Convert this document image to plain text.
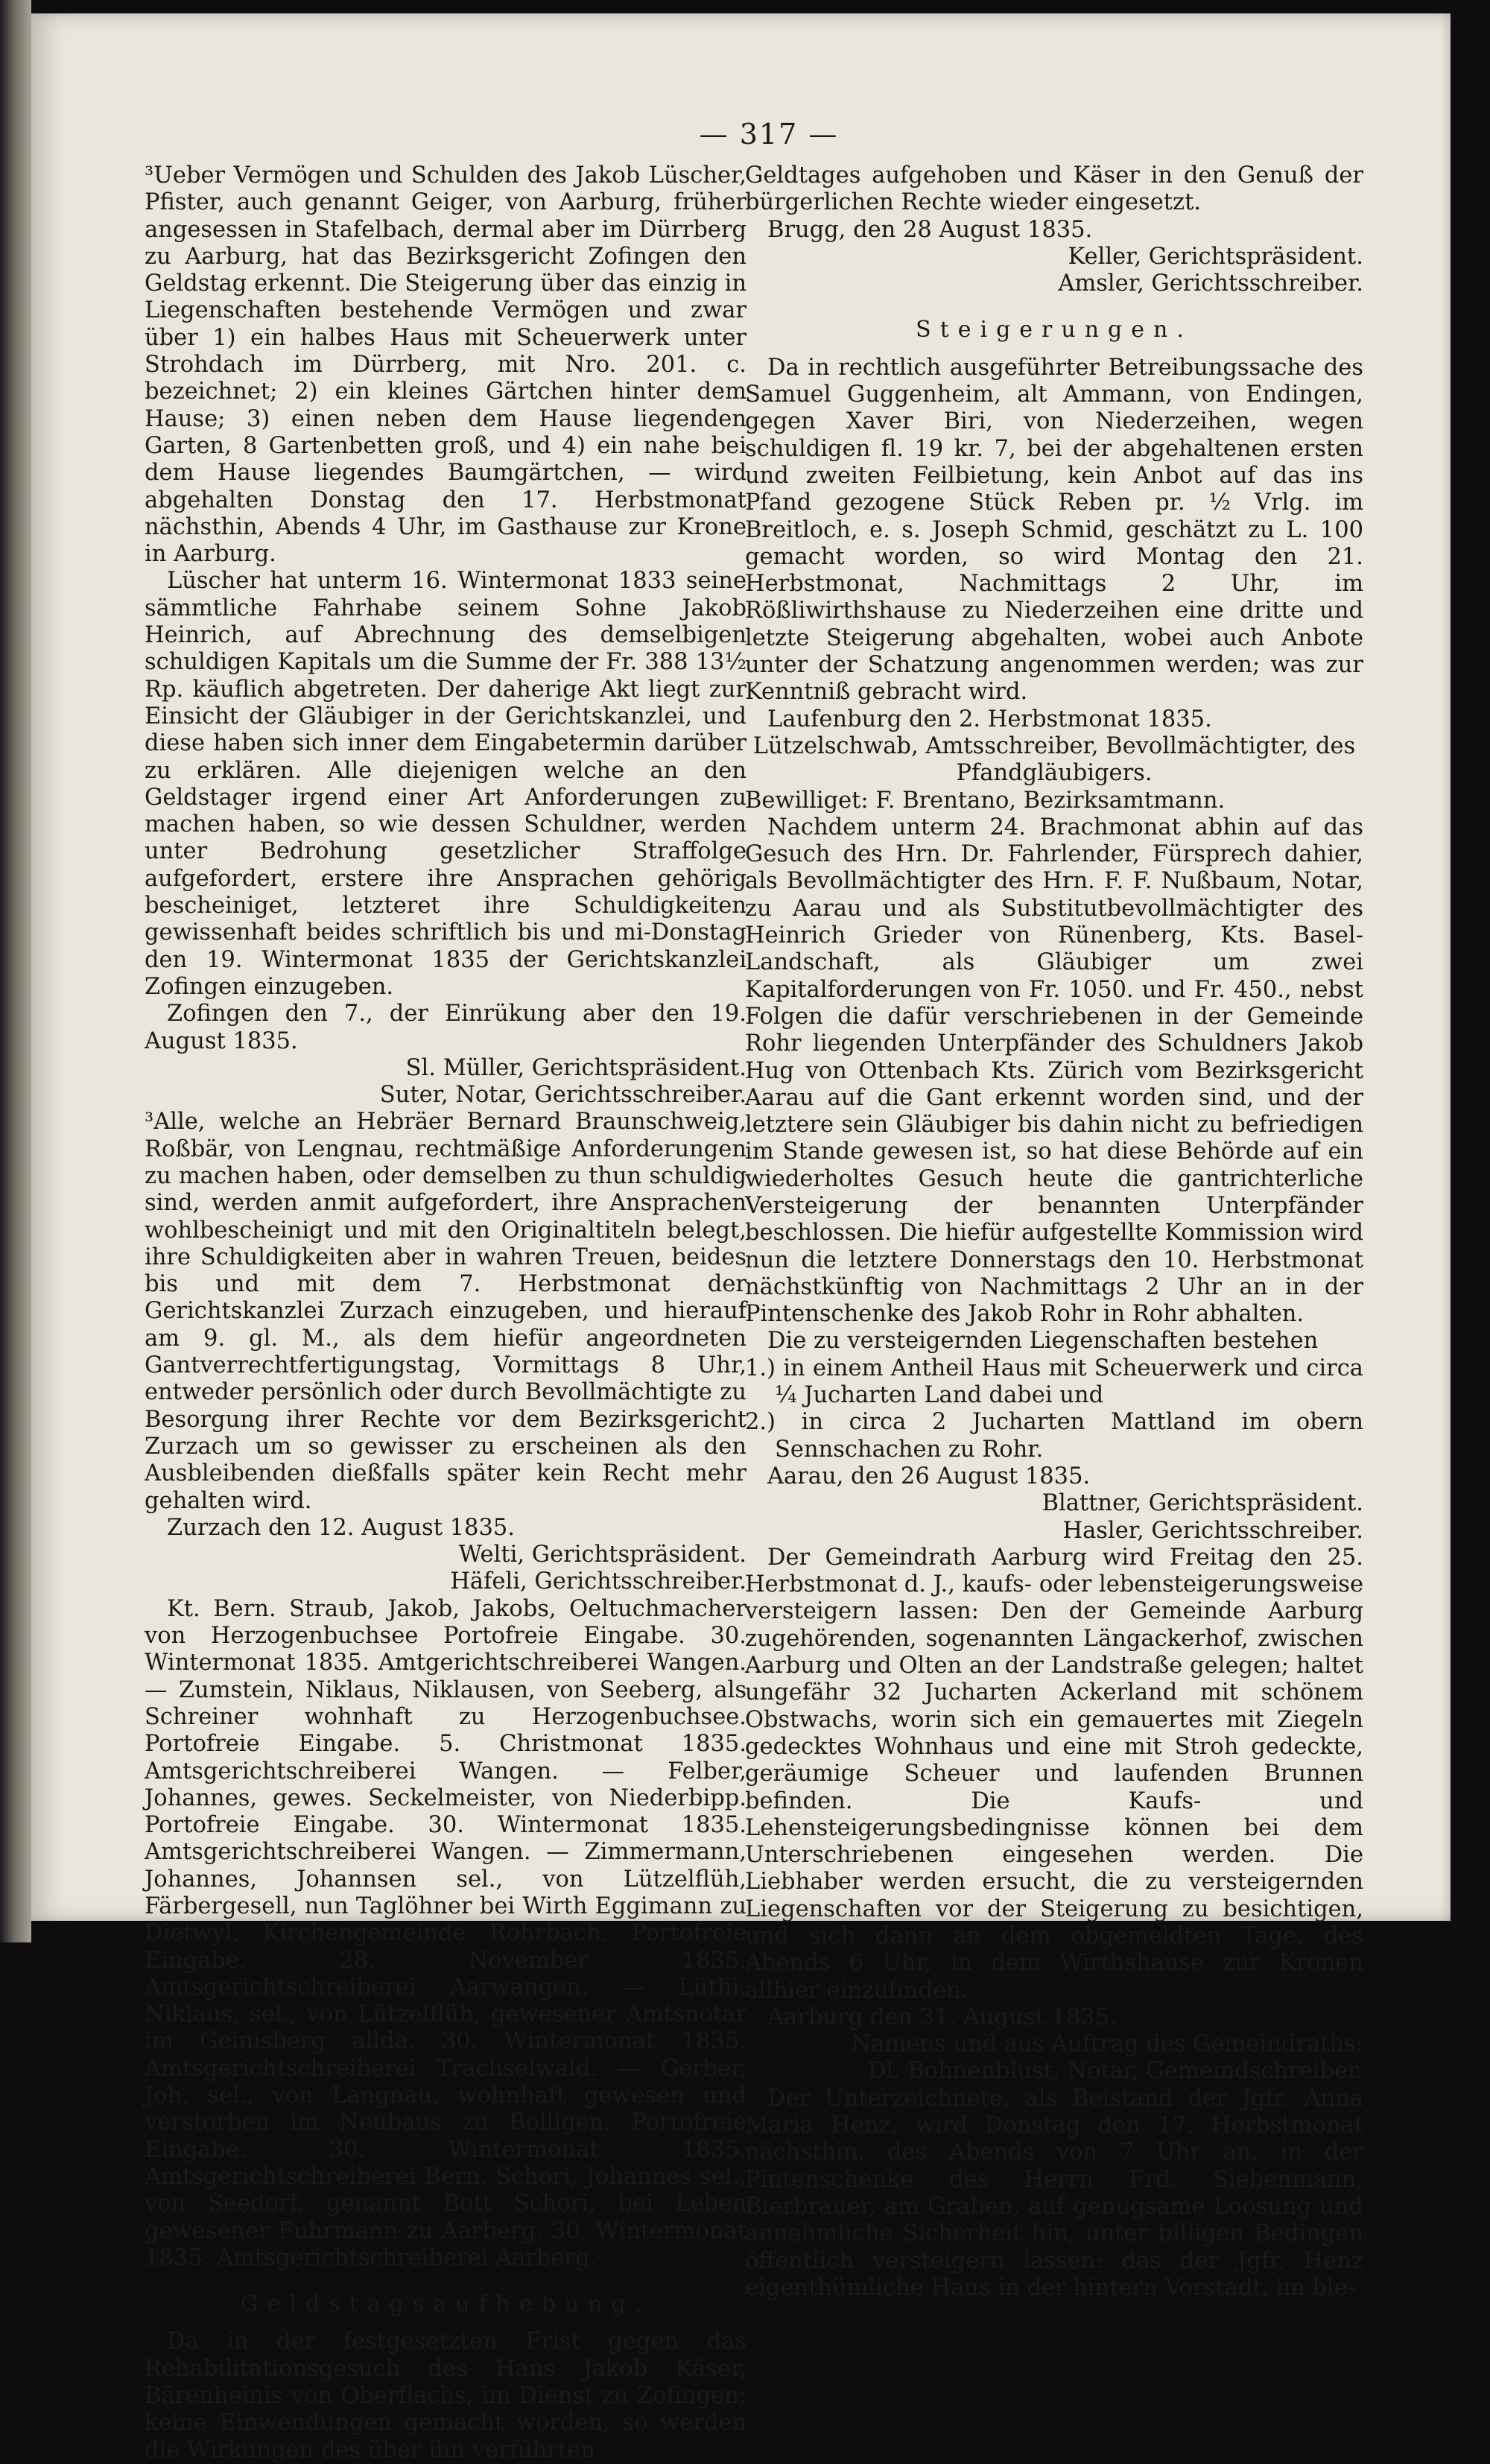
— 317 —

³Ueber Vermögen und Schulden des Jakob Lüscher, Pfister, auch genannt Geiger, von Aarburg, früher angesessen in Stafelbach, dermal aber im Dürrberg zu Aarburg, hat das Bezirksgericht Zofingen den Geldstag erkennt. Die Steigerung über das einzig in Liegenschaften bestehende Vermögen und zwar über 1) ein halbes Haus mit Scheuerwerk unter Strohdach im Dürrberg, mit Nro. 201. c. bezeichnet; 2) ein kleines Gärtchen hinter dem Hause; 3) einen neben dem Hause liegenden Garten, 8 Gartenbetten groß, und 4) ein nahe bei dem Hause liegendes Baumgärtchen, — wird abgehalten Donstag den 17. Herbstmonat nächsthin, Abends 4 Uhr, im Gasthause zur Krone in Aarburg.

Lüscher hat unterm 16. Wintermonat 1833 seine sämmtliche Fahrhabe seinem Sohne Jakob Heinrich, auf Abrechnung des demselbigen schuldigen Kapitals um die Summe der Fr. 388 13½ Rp. käuflich abgetreten. Der daherige Akt liegt zur Einsicht der Gläubiger in der Gerichtskanzlei, und diese haben sich inner dem Eingabetermin darüber zu erklären. Alle diejenigen welche an den Geldstager irgend einer Art Anforderungen zu machen haben, so wie dessen Schuldner, werden unter Bedrohung gesetzlicher Straffolge aufgefordert, erstere ihre Ansprachen gehörig bescheiniget, letzteret ihre Schuldigkeiten gewissenhaft beides schriftlich bis und mi-Donstag den 19. Wintermonat 1835 der Gerichtskanzlei Zofingen einzugeben.

Zofingen den 7., der Einrükung aber den 19. August 1835.

Sl. Müller, Gerichtspräsident.

Suter, Notar, Gerichtsschreiber.

³Alle, welche an Hebräer Bernard Braunschweig, Roßbär, von Lengnau, rechtmäßige Anforderungen zu machen haben, oder demselben zu thun schuldig sind, werden anmit aufgefordert, ihre Ansprachen wohlbescheinigt und mit den Originaltiteln belegt, ihre Schuldigkeiten aber in wahren Treuen, beides bis und mit dem 7. Herbstmonat der Gerichtskanzlei Zurzach einzugeben, und hierauf am 9. gl. M., als dem hiefür angeordneten Gantverrechtfertigungstag, Vormittags 8 Uhr, entweder persönlich oder durch Bevollmächtigte zu Besorgung ihrer Rechte vor dem Bezirksgericht Zurzach um so gewisser zu erscheinen als den Ausbleibenden dießfalls später kein Recht mehr gehalten wird.

Zurzach den 12. August 1835.

Welti, Gerichtspräsident.

Häfeli, Gerichtsschreiber.

Kt. Bern. Straub, Jakob, Jakobs, Oeltuchmacher von Herzogenbuchsee Portofreie Eingabe. 30. Wintermonat 1835. Amtgerichtschreiberei Wangen. — Zumstein, Niklaus, Niklausen, von Seeberg, als Schreiner wohnhaft zu Herzogenbuchsee. Portofreie Eingabe. 5. Christmonat 1835. Amtsgerichtschreiberei Wangen. — Felber, Johannes, gewes. Seckelmeister, von Niederbipp. Portofreie Eingabe. 30. Wintermonat 1835. Amtsgerichtschreiberei Wangen. — Zimmermann, Johannes, Johannsen sel., von Lützelflüh, Färbergesell, nun Taglöhner bei Wirth Eggimann zu Dietwyl, Kirchengemeinde Rohrbach. Portofreie Eingabe. 28. November 1835. Amtsgerichtschreiberei Aarwangen. — Lüthi, Niklaus, sel., von Lützelflüh, gewesener Amtsnotar im Geinisberg allda. 30. Wintermonat 1835. Amtsgerichtschreiberei Trachselwald. — Gerber, Joh. sel., von Langnau, wohnhaft gewesen und verstorben im Neubaus zu Bolligen. Portofreie Eingabe. 30. Wintermonat 1835. Amtsgerichtschreiberei Bern. Schori, Johannes sel., von Seedorf, genannt Bott Schori, bei Leben gewesener Fuhrmann zu Aarberg. 30. Wintermonat 1835. Amtsgerichtschreiberei Aarberg.

Geldstagsaufhebung.

Da in der festgesetzten Frist gegen das Rehabilitationsgesuch des Hans Jakob Käser, Bärenheinis von Oberflachs, im Dienst zu Zofingen; keine Einwendungen gemacht worden, so werden die Wirkungen des über ihn verführten

Geldtages aufgehoben und Käser in den Genuß der bürgerlichen Rechte wieder eingesetzt.

Brugg, den 28 August 1835.

Keller, Gerichtspräsident.

Amsler, Gerichtsschreiber.

Steigerungen.

Da in rechtlich ausgeführter Betreibungssache des Samuel Guggenheim, alt Ammann, von Endingen, gegen Xaver Biri, von Niederzeihen, wegen schuldigen fl. 19 kr. 7, bei der abgehaltenen ersten und zweiten Feilbietung, kein Anbot auf das ins Pfand gezogene Stück Reben pr. ½ Vrlg. im Breitloch, e. s. Joseph Schmid, geschätzt zu L. 100 gemacht worden, so wird Montag den 21. Herbstmonat, Nachmittags 2 Uhr, im Rößliwirthshause zu Niederzeihen eine dritte und letzte Steigerung abgehalten, wobei auch Anbote unter der Schatzung angenommen werden; was zur Kenntniß gebracht wird.

Laufenburg den 2. Herbstmonat 1835.

Lützelschwab, Amtsschreiber, Bevollmächtigter, des Pfandgläubigers.

Bewilliget: F. Brentano, Bezirksamtmann.

Nachdem unterm 24. Brachmonat abhin auf das Gesuch des Hrn. Dr. Fahrlender, Fürsprech dahier, als Bevollmächtigter des Hrn. F. F. Nußbaum, Notar, zu Aarau und als Substitutbevollmächtigter des Heinrich Grieder von Rünenberg, Kts. Basel-Landschaft, als Gläubiger um zwei Kapitalforderungen von Fr. 1050. und Fr. 450., nebst Folgen die dafür verschriebenen in der Gemeinde Rohr liegenden Unterpfänder des Schuldners Jakob Hug von Ottenbach Kts. Zürich vom Bezirksgericht Aarau auf die Gant erkennt worden sind, und der letztere sein Gläubiger bis dahin nicht zu befriedigen im Stande gewesen ist, so hat diese Behörde auf ein wiederholtes Gesuch heute die gantrichterliche Versteigerung der benannten Unterpfänder beschlossen. Die hiefür aufgestellte Kommission wird nun die letztere Donnerstags den 10. Herbstmonat nächstkünftig von Nachmittags 2 Uhr an in der Pintenschenke des Jakob Rohr in Rohr abhalten.

Die zu versteigernden Liegenschaften bestehen

1.) in einem Antheil Haus mit Scheuerwerk und circa ¼ Jucharten Land dabei und

2.) in circa 2 Jucharten Mattland im obern Sennschachen zu Rohr.

Aarau, den 26 August 1835.

Blattner, Gerichtspräsident.

Hasler, Gerichtsschreiber.

Der Gemeindrath Aarburg wird Freitag den 25. Herbstmonat d. J., kaufs- oder lebensteigerungsweise versteigern lassen: Den der Gemeinde Aarburg zugehörenden, sogenannten Längackerhof, zwischen Aarburg und Olten an der Landstraße gelegen; haltet ungefähr 32 Jucharten Ackerland mit schönem Obstwachs, worin sich ein gemauertes mit Ziegeln gedecktes Wohnhaus und eine mit Stroh gedeckte, geräumige Scheuer und laufenden Brunnen befinden. Die Kaufs- und Lehensteigerungsbedingnisse können bei dem Unterschriebenen eingesehen werden. Die Liebhaber werden ersucht, die zu versteigernden Liegenschaften vor der Steigerung zu besichtigen, und sich dann an dem obgemeldten Tage, des Abends 6 Uhr, in dem Wirthshause zur Kronen allhier einzufinden.

Aarburg den 31. August 1835.

Namens und aus Auftrag des Gemeindraths:

Dl. Bohnenblust, Notar, Gemeindschreiber.

Der Unterzeichnete, als Beistand der Jgfr. Anna Maria Henz, wird Donstag den 17. Herbstmonat nächsthin, des Abends von 7 Uhr an, in der Pintenschenke des Herrn Frd. Siebenmann, Bierbrauer, am Graben, auf genugsame Loosung und annehmliche Sicherheit hin, unter billigen Bedingen öffentlich versteigern lassen: das der Jgfr. Henz eigenthümliche Haus in der hintern Vorstadt, im ble-
